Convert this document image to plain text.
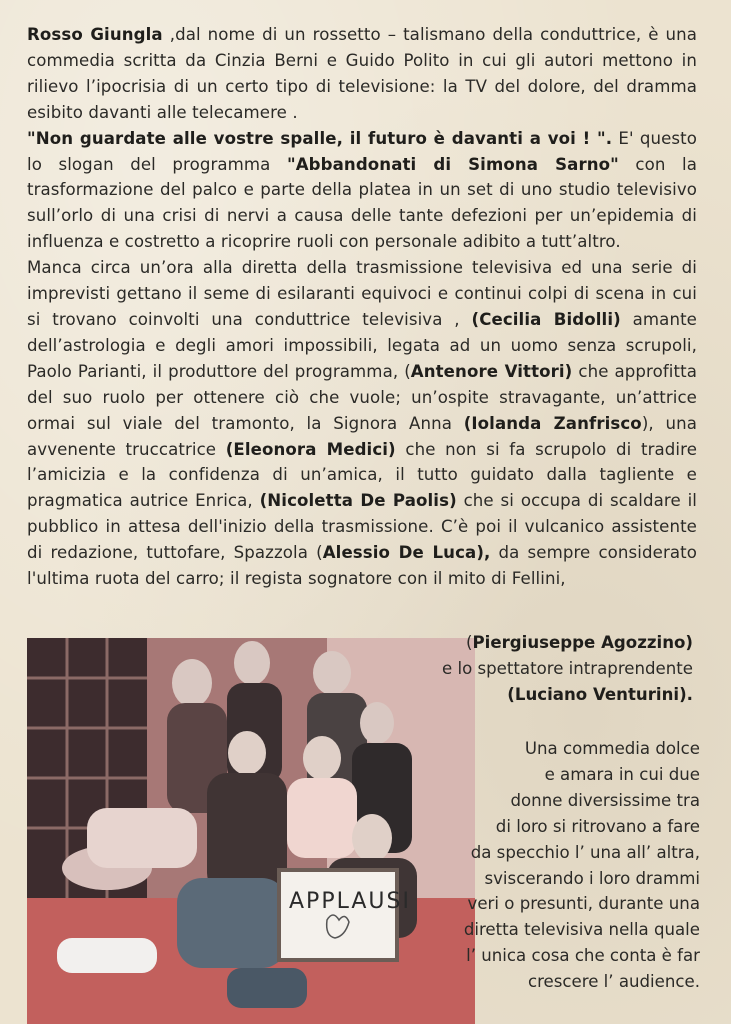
Rosso Giungla ,dal nome di un rossetto – talismano della conduttrice, è una commedia scritta da Cinzia Berni e Guido Polito in cui gli autori mettono in rilievo l’ipocrisia di un certo tipo di televisione: la TV del dolore, del dramma esibito davanti alle telecamere .

"Non guardate alle vostre spalle, il futuro è davanti a voi ! ". E' questo lo slogan del programma "Abbandonati di Simona Sarno" con la trasformazione del palco e parte della platea in un set di uno studio televisivo sull’orlo di una crisi di nervi a causa delle tante defezioni per un’epidemia di influenza e costretto a ricoprire ruoli con personale adibito a tutt’altro.

Manca circa un’ora alla diretta della trasmissione televisiva ed una serie di imprevisti gettano il seme di esilaranti equivoci e continui colpi di scena in cui si trovano coinvolti una conduttrice televisiva , (Cecilia Bidolli) amante dell’astrologia e degli amori impossibili, legata ad un uomo senza scrupoli, Paolo Parianti, il produttore del programma, (Antenore Vittori) che approfitta del suo ruolo per ottenere ciò che vuole; un’ospite stravagante, un’attrice ormai sul viale del tramonto, la Signora Anna (Iolanda Zanfrisco), una avvenente truccatrice (Eleonora Medici) che non si fa scrupolo di tradire l’amicizia e la confidenza di un’amica, il tutto guidato dalla tagliente e pragmatica autrice Enrica, (Nicoletta De Paolis) che si occupa di scaldare il pubblico in attesa dell'inizio della trasmissione. C’è poi il vulcanico assistente di redazione, tuttofare, Spazzola (Alessio De Luca), da sempre considerato l'ultima ruota del carro; il regista sognatore con il mito di Fellini,

APPLAUSI
(Piergiuseppe Agozzino)
e lo spettatore intraprendente
(Luciano Venturini).
Una commedia dolce
e amara in cui due
donne diversissime tra
di loro si ritrovano a fare
da specchio l’ una all’ altra,
sviscerando i loro drammi
veri o presunti, durante una
diretta televisiva nella quale
l’ unica cosa che conta è far
crescere l’ audience.
